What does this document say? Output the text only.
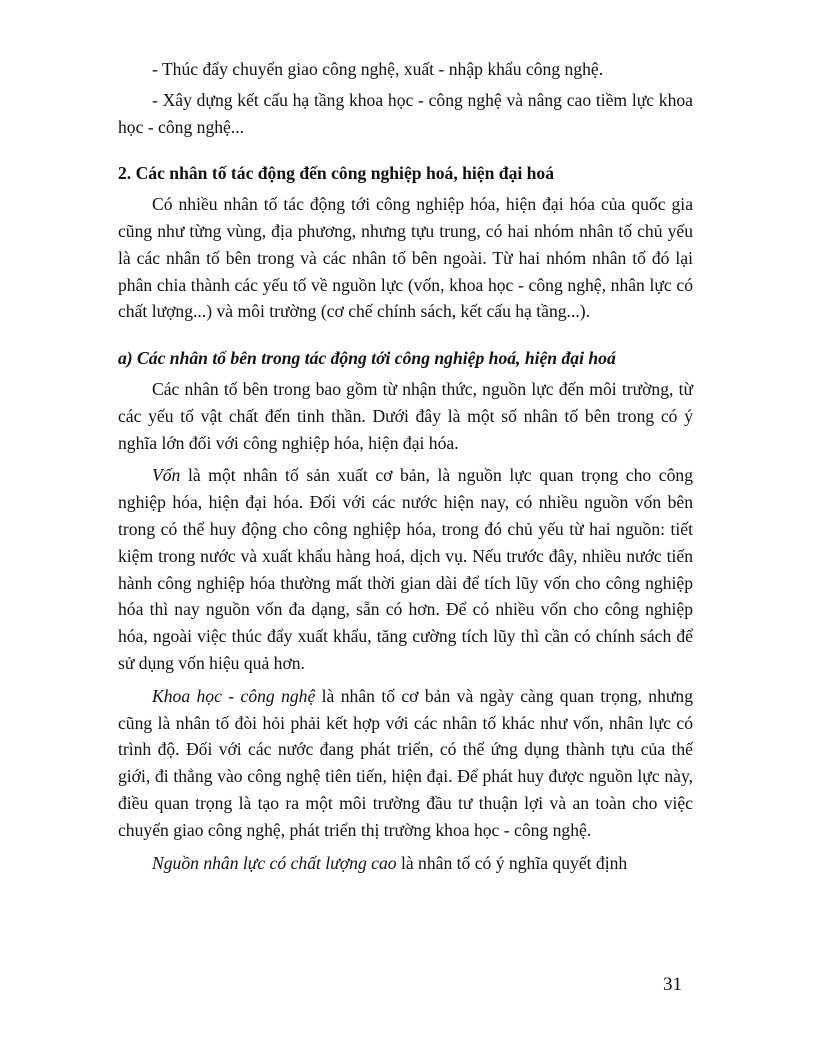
- Thúc đẩy chuyển giao công nghệ, xuất - nhập khẩu công nghệ.

- Xây dựng kết cấu hạ tầng khoa học - công nghệ và nâng cao tiềm lực khoa học - công nghệ...

2. Các nhân tố tác động đến công nghiệp hoá, hiện đại hoá

Có nhiều nhân tố tác động tới công nghiệp hóa, hiện đại hóa của quốc gia cũng như từng vùng, địa phương, nhưng tựu trung, có hai nhóm nhân tố chủ yếu là các nhân tố bên trong và các nhân tố bên ngoài. Từ hai nhóm nhân tố đó lại phân chia thành các yếu tố về nguồn lực (vốn, khoa học - công nghệ, nhân lực có chất lượng...) và môi trường (cơ chế chính sách, kết cấu hạ tầng...).

a) Các nhân tố bên trong tác động tới công nghiệp hoá, hiện đại hoá

Các nhân tố bên trong bao gồm từ nhận thức, nguồn lực đến môi trường, từ các yếu tố vật chất đến tinh thần. Dưới đây là một số nhân tố bên trong có ý nghĩa lớn đối với công nghiệp hóa, hiện đại hóa.

Vốn là một nhân tố sản xuất cơ bản, là nguồn lực quan trọng cho công nghiệp hóa, hiện đại hóa. Đối với các nước hiện nay, có nhiều nguồn vốn bên trong có thể huy động cho công nghiệp hóa, trong đó chủ yếu từ hai nguồn: tiết kiệm trong nước và xuất khẩu hàng hoá, dịch vụ. Nếu trước đây, nhiều nước tiến hành công nghiệp hóa thường mất thời gian dài để tích lũy vốn cho công nghiệp hóa thì nay nguồn vốn đa dạng, sẵn có hơn. Để có nhiều vốn cho công nghiệp hóa, ngoài việc thúc đẩy xuất khẩu, tăng cường tích lũy thì cần có chính sách để sử dụng vốn hiệu quả hơn.

Khoa học - công nghệ là nhân tố cơ bản và ngày càng quan trọng, nhưng cũng là nhân tố đòi hỏi phải kết hợp với các nhân tố khác như vốn, nhân lực có trình độ. Đối với các nước đang phát triển, có thể ứng dụng thành tựu của thế giới, đi thẳng vào công nghệ tiên tiến, hiện đại. Để phát huy được nguồn lực này, điều quan trọng là tạo ra một môi trường đầu tư thuận lợi và an toàn cho việc chuyển giao công nghệ, phát triển thị trường khoa học - công nghệ.

Nguồn nhân lực có chất lượng cao là nhân tố có ý nghĩa quyết định

31
